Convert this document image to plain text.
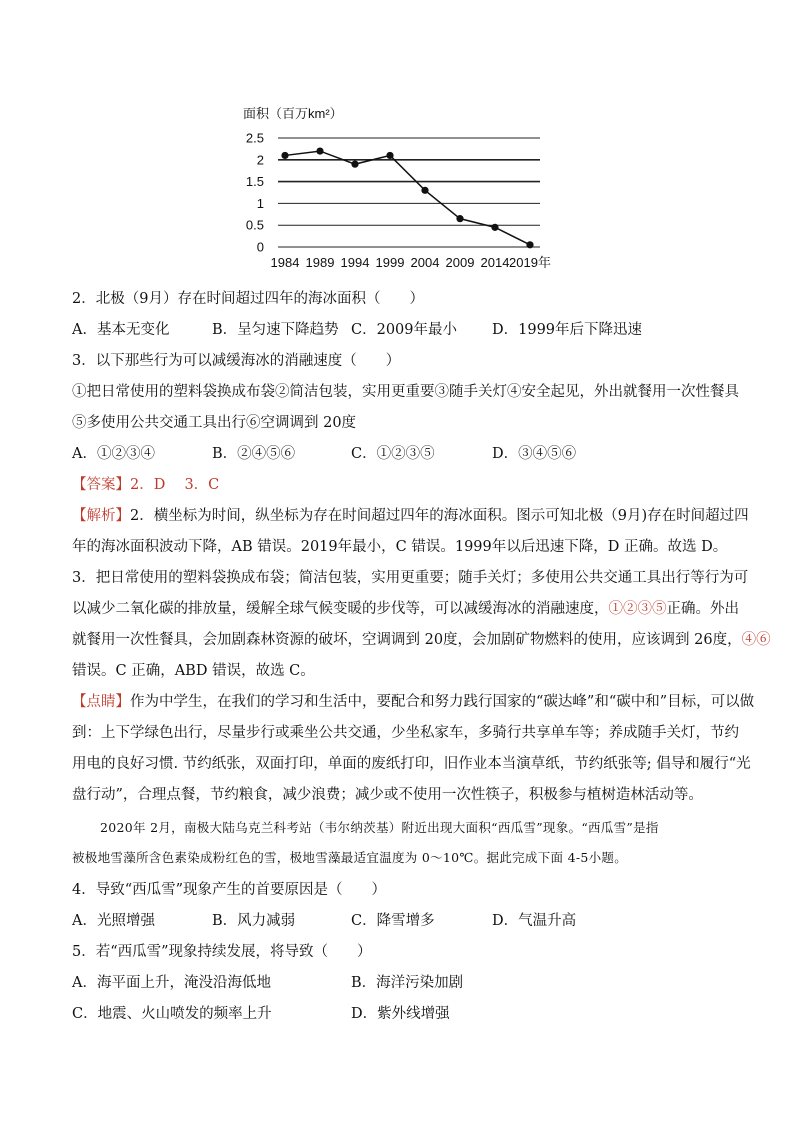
面积（百万km²）
0
0.5
1
1.5
2
2.5
1984 1989 1994 1999 2004 2009 2014 2019年
2．北极（9月）存在时间超过四年的海冰面积（　　）
A．基本无变化	B．呈匀速下降趋势 C．2009年最小 D．1999年后下降迅速
3．以下那些行为可以减缓海冰的消融速度（　　）
①把日常使用的塑料袋换成布袋②简洁包装，实用更重要③随手关灯④安全起见，外出就餐用一次性餐具
⑤多使用公共交通工具出行⑥空调调到 20度
A．①②③④	B．②④⑤⑥	C．①②③⑤	D．③④⑤⑥
【答案】2．D　 3．C
【解析】2．横坐标为时间，纵坐标为存在时间超过四年的海冰面积。图示可知北极（9月)存在时间超过四
年的海冰面积波动下降，AB 错误。2019年最小，C 错误。1999年以后迅速下降，D 正确。故选 D。
3．把日常使用的塑料袋换成布袋；简洁包装，实用更重要；随手关灯；多使用公共交通工具出行等行为可
以减少二氧化碳的排放量，缓解全球气候变暖的步伐等，可以减缓海冰的消融速度，①②③⑤正确。外出
就餐用一次性餐具，会加剧森林资源的破坏，空调调到 20度，会加剧矿物燃料的使用，应该调到 26度，④⑥
错误。C 正确，ABD 错误，故选 C。
【点睛】作为中学生，在我们的学习和生活中，要配合和努力践行国家的“碳达峰”和“碳中和”目标，可以做
到：上下学绿色出行，尽量步行或乘坐公共交通，少坐私家车，多骑行共享单车等；养成随手关灯，节约
用电的良好习惯. 节约纸张，双面打印，单面的废纸打印，旧作业本当演草纸，节约纸张等; 倡导和履行“光
盘行动”，合理点餐，节约粮食，减少浪费；减少或不使用一次性筷子，积极参与植树造林活动等。
2020年 2月，南极大陆乌克兰科考站（韦尔纳茨基）附近出现大面积“西瓜雪”现象。“西瓜雪”是指
被极地雪藻所含色素染成粉红色的雪，极地雪藻最适宜温度为 0～10℃。据此完成下面 4-5小题。
4．导致“西瓜雪”现象产生的首要原因是（　　）
A．光照增强	B．风力减弱	C．降雪增多	D．气温升高
5．若“西瓜雪”现象持续发展，将导致（　　）
A．海平面上升，淹没沿海低地	B．海洋污染加剧
C．地震、火山喷发的频率上升	D．紫外线增强
